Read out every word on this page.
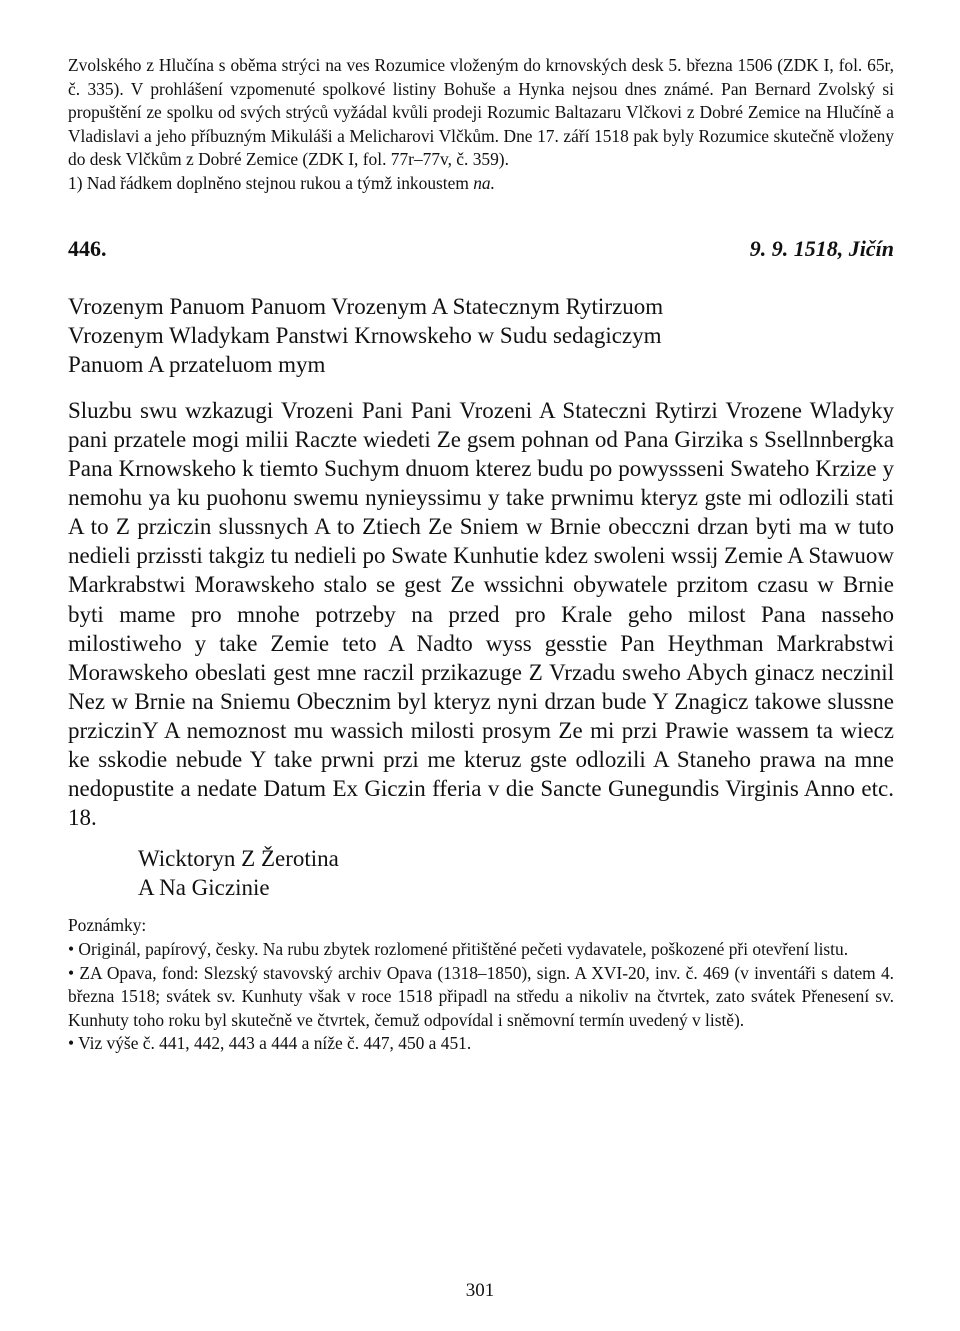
Zvolského z Hlučína s oběma strýci na ves Rozumice vloženým do krnovských desk 5. března 1506 (ZDK I, fol. 65r, č. 335). V prohlášení vzpomenuté spolkové listiny Bohuše a Hynka nejsou dnes známé. Pan Bernard Zvolský si propuštění ze spolku od svých strýců vyžádal kvůli prodeji Rozumic Baltazaru Vlčkovi z Dobré Zemice na Hlučíně a Vladislavi a jeho příbuzným Mikuláši a Melicharovi Vlčkům. Dne 17. září 1518 pak byly Rozumice skutečně vloženy do desk Vlčkům z Dobré Zemice (ZDK I, fol. 77r–77v, č. 359).

1) Nad řádkem doplněno stejnou rukou a týmž inkoustem na.

446.	9. 9. 1518, Jičín
Vrozenym Panuom Panuom Vrozenym A Statecznym Rytirzuom
Vrozenym Wladykam Panstwi Krnowskeho w Sudu sedagiczym
Panuom A przateluom mym

Sluzbu swu wzkazugi Vrozeni Pani Pani Vrozeni A Stateczni Rytirzi Vrozene Wladyky pani przatele mogi milii Raczte wiedeti Ze gsem pohnan od Pana Girzika s Ssellnnbergka Pana Krnowskeho k tiemto Suchym dnuom kterez budu po powyssseni Swateho Krzize y nemohu ya ku puohonu swemu nynieyssimu y take prwnimu kteryz gste mi odlozili stati A to Z prziczin slussnych A to Ztiech Ze Sniem w Brnie obecczni drzan byti ma w tuto nedieli przissti takgiz tu nedieli po Swate Kunhutie kdez swoleni wssij Zemie A Stawuow Markrabstwi Morawskeho stalo se gest Ze wssichni obywatele przitom czasu w Brnie byti mame pro mnohe potrzeby na przed pro Krale geho milost Pana nasseho milostiweho y take Zemie teto A Nadto wyss gesstie Pan Heythman Markrabstwi Morawskeho obeslati gest mne raczil przikazuge Z Vrzadu sweho Abych ginacz neczinil Nez w Brnie na Sniemu Obecznim byl kteryz nyni drzan bude Y Znagicz takowe slussne prziczinY A nemoznost mu wassich milosti prosym Ze mi przi Prawie wassem ta wiecz ke sskodie nebude Y take prwni przi me kteruz gste odlozili A Staneho prawa na mne nedopustite a nedate Datum Ex Giczin fferia v die Sancte Gunegundis Virginis Anno etc. 18.

Wicktoryn Z Žerotina
A Na Giczinie
Poznámky:
• Originál, papírový, česky. Na rubu zbytek rozlomené přitištěné pečeti vydavatele, poškozené při otevření listu.
• ZA Opava, fond: Slezský stavovský archiv Opava (1318–1850), sign. A XVI-20, inv. č. 469 (v inventáři s datem 4. března 1518; svátek sv. Kunhuty však v roce 1518 připadl na středu a nikoliv na čtvrtek, zato svátek Přenesení sv. Kunhuty toho roku byl skutečně ve čtvrtek, čemuž odpovídal i sněmovní termín uvedený v listě).
• Viz výše č. 441, 442, 443 a 444 a níže č. 447, 450 a 451.
301
